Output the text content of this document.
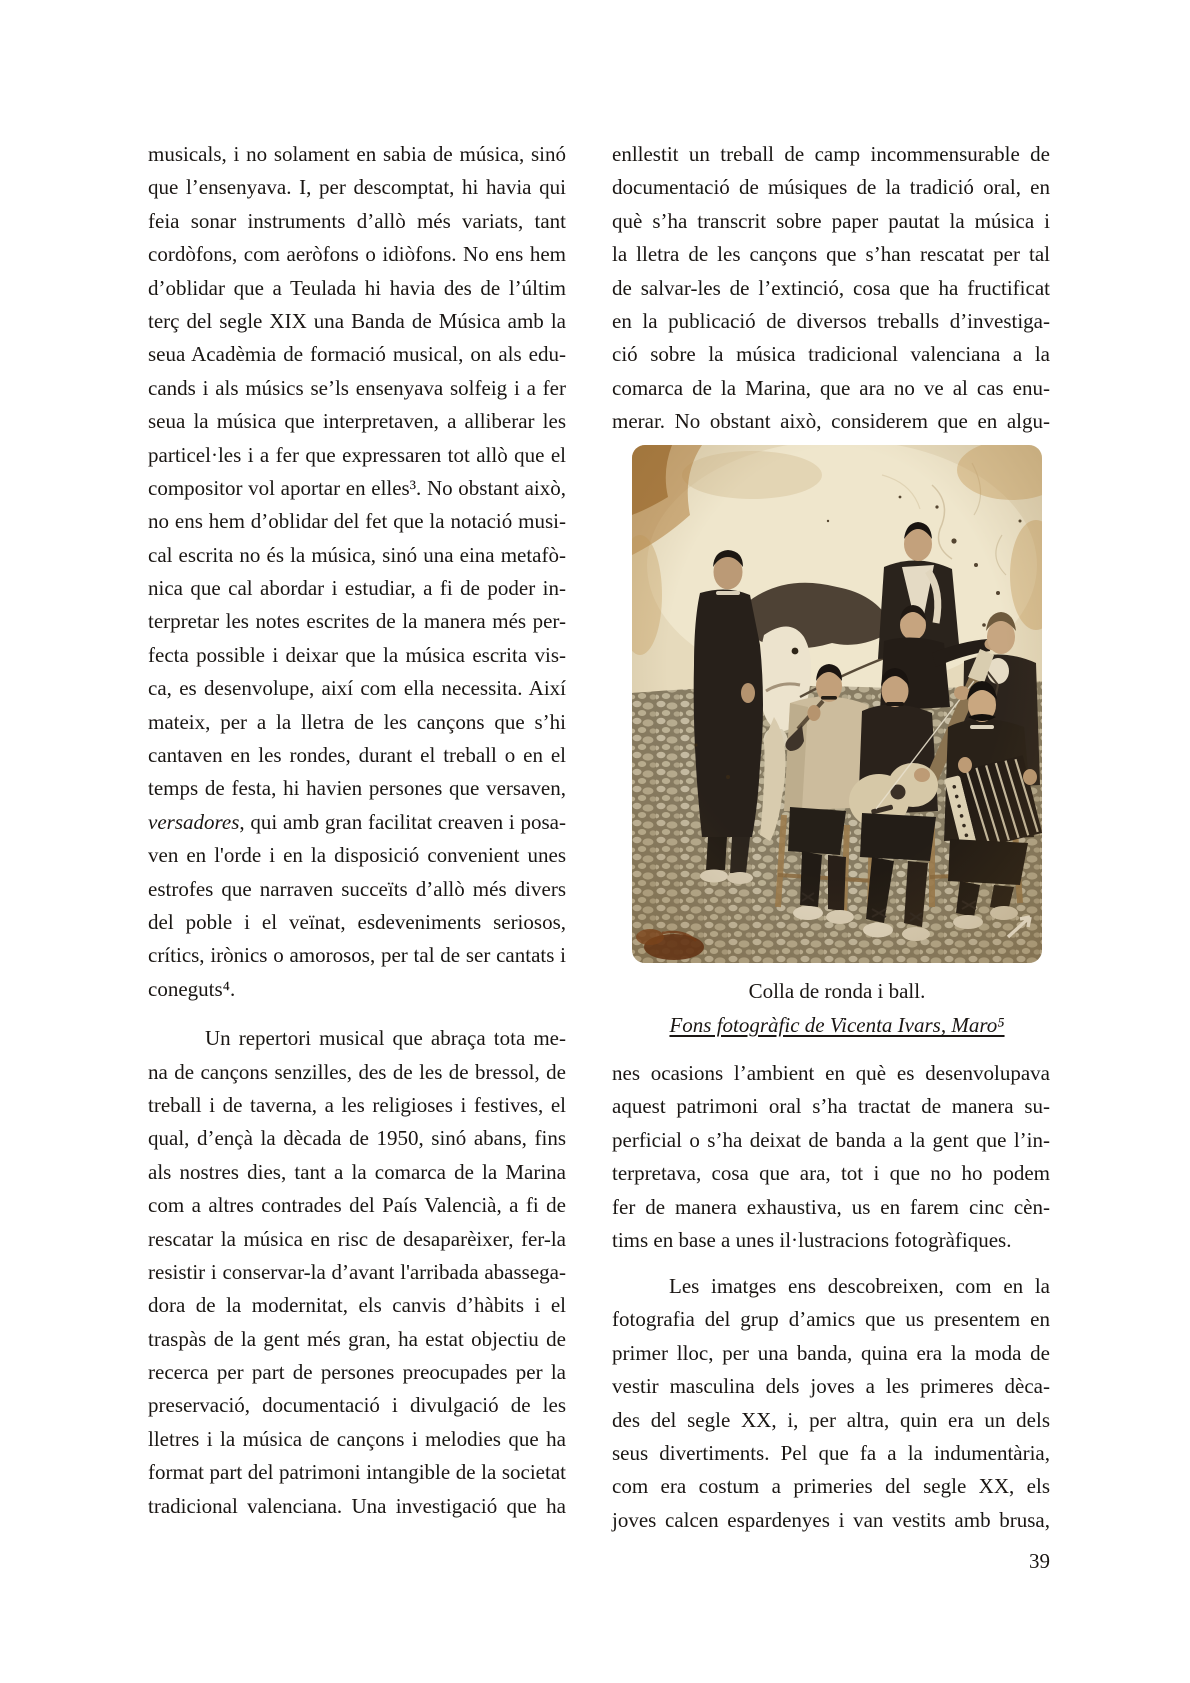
musicals, i no solament en sabia de música, sinó
que l’ensenyava. I, per descomptat, hi havia qui
feia sonar instruments d’allò més variats, tant
cordòfons, com aeròfons o idiòfons. No ens hem
d’oblidar que a Teulada hi havia des de l’últim
terç del segle XIX una Banda de Música amb la
seua Acadèmia de formació musical, on als edu-
cands i als músics se’ls ensenyava solfeig i a fer
seua la música que interpretaven, a alliberar les
particel·les i a fer que expressaren tot allò que el
compositor vol aportar en elles³. No obstant això,
no ens hem d’oblidar del fet que la notació musi-
cal escrita no és la música, sinó una eina metafò-
nica que cal abordar i estudiar, a fi de poder in-
terpretar les notes escrites de la manera més per-
fecta possible i deixar que la música escrita vis-
ca, es desenvolupe, així com ella necessita. Així
mateix, per a la lletra de les cançons que s’hi
cantaven en les rondes, durant el treball o en el
temps de festa, hi havien persones que versaven,
versadores, qui amb gran facilitat creaven i posa-
ven en l'orde i en la disposició convenient unes
estrofes que narraven succeïts d’allò més divers
del poble i el veïnat, esdeveniments seriosos,
crítics, irònics o amorosos, per tal de ser cantats i
coneguts⁴.
Un repertori musical que abraça tota me-
na de cançons senzilles, des de les de bressol, de
treball i de taverna, a les religioses i festives, el
qual, d’ençà la dècada de 1950, sinó abans, fins
als nostres dies, tant a la comarca de la Marina
com a altres contrades del País Valencià, a fi de
rescatar la música en risc de desaparèixer, fer-la
resistir i conservar-la d’avant l'arribada abassega-
dora de la modernitat, els canvis d’hàbits i el
traspàs de la gent més gran, ha estat objectiu de
recerca per part de persones preocupades per la
preservació, documentació i divulgació de les
lletres i la música de cançons i melodies que ha
format part del patrimoni intangible de la societat
tradicional valenciana. Una investigació que ha
enllestit un treball de camp incommensurable de
documentació de músiques de la tradició oral, en
què s’ha transcrit sobre paper pautat la música i
la lletra de les cançons que s’han rescatat per tal
de salvar-les de l’extinció, cosa que ha fructificat
en la publicació de diversos treballs d’investiga-
ció sobre la música tradicional valenciana a la
comarca de la Marina, que ara no ve al cas enu-
merar. No obstant això, considerem que en algu-
Colla de ronda i ball.
Fons fotogràfic de Vicenta Ivars, Maro⁵
nes ocasions l’ambient en què es desenvolupava
aquest patrimoni oral s’ha tractat de manera su-
perficial o s’ha deixat de banda a la gent que l’in-
terpretava, cosa que ara, tot i que no ho podem
fer de manera exhaustiva, us en farem cinc cèn-
tims en base a unes il·lustracions fotogràfiques.
Les imatges ens descobreixen, com en la
fotografia del grup d’amics que us presentem en
primer lloc, per una banda, quina era la moda de
vestir masculina dels joves a les primeres dèca-
des del segle XX, i, per altra, quin era un dels
seus divertiments. Pel que fa a la indumentària,
com era costum a primeries del segle XX, els
joves calcen espardenyes i van vestits amb brusa,
39
